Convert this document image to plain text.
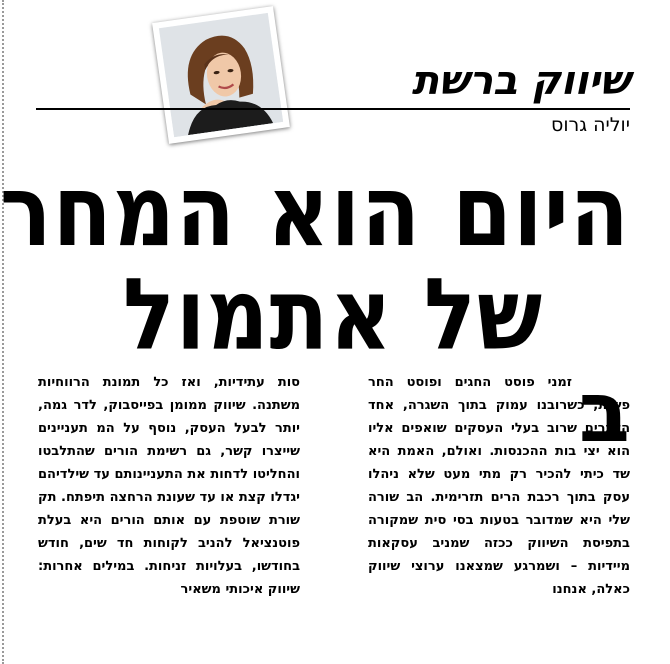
שיווק ברשת
יוליה גרוס
היום הוא המחר
של אתמול
ב

זמני פוסט החגים ופוסט החר פשות, כשרובנו עמוק בתוך השגרה, אחד הדברים שרוב בעלי העסקים שואפים אליו הוא יצי בות ההכנסות. ואולם, האמת היא שד כיתי להכיר רק מתי מעט שלא ניהלו עסק בתוך רכבת הרים תזרימית. הב שורה שלי היא שמדובר בטעות בסי סית שמקורה בתפיסת השיווק ככזה שמניב עסקאות מיידיות – ושמרגע שמצאנו ערוצי שיווק כאלה, אנחנו

סות עתידיות, ואז כל תמונת הרווחיות משתנה. שיווק ממומן בפייסבוק, לדר גמה, יותר לבעל העסק, נוסף על המ תעניינים שייצרו קשר, גם רשימת הורים שהתלבטו והחליטו לדחות את התעניינותם עד שילדיהם יגדלו קצת או עד שעונת הרחצה תיפתח. תק שורת שוטפת עם אותם הורים היא בעלת פוטנציאל להניב לקוחות חד שים, חודש בחודשו, בעלויות זניחות. במילים אחרות: שיווק איכותי משאיר
